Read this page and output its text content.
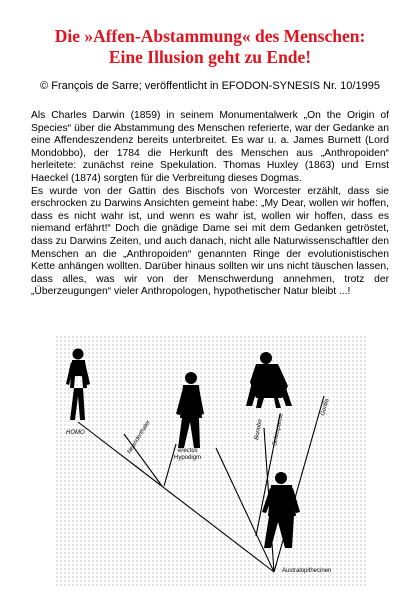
Die »Affen-Abstammung« des Menschen:
Eine Illusion geht zu Ende!
© François de Sarre; veröffentlicht in EFODON-SYNESIS Nr. 10/1995

Als Charles Darwin (1859) in seinem Monumentalwerk „On the Origin of Species“ über die Abstammung des Menschen referierte, war der Gedanke an eine Affendeszendenz bereits unterbreitet. Es war u. a. James Burnett (Lord Mondobbo), der 1784 die Herkunft des Menschen aus „Anthropoiden“ herleitete: zunächst reine Spekulation. Thomas Huxley (1863) und Ernst Haeckel (1874) sorgten für die Verbreitung dieses Dogmas.

Es wurde von der Gattin des Bischofs von Worcester erzählt, dass sie erschrocken zu Darwins Ansichten gemeint habe: „My Dear, wollen wir hoffen, dass es nicht wahr ist, und wenn es wahr ist, wollen wir hoffen, dass es niemand erfährt!“ Doch die gnädige Dame sei mit dem Gedanken getröstet, dass zu Darwins Zeiten, und auch danach, nicht alle Naturwissenschaftler den Menschen an die „Anthropoiden“ genannten Ringe der evolutionistischen Kette anhängen wollten. Darüber hinaus sollten wir uns nicht täuschen lassen, dass alles, was wir von der Menschwerdung annehmen, trotz der „Überzeugungen“ vieler Anthropologen, hypothetischer Natur bleibt ...!

HOMO	Neanderthaler	erectus
Hypodigm
Bonobo Schimpanse
Gorilla
Australopithecinen
